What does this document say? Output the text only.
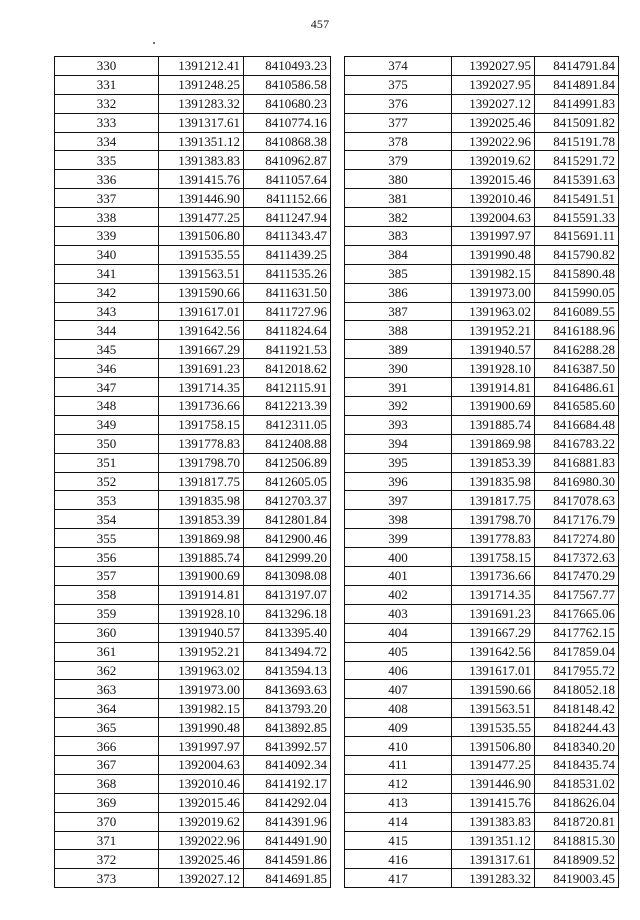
457
330	1391212.41	8410493.23
331	1391248.25	8410586.58
332	1391283.32	8410680.23
333	1391317.61	8410774.16
334	1391351.12	8410868.38
335	1391383.83	8410962.87
336	1391415.76	8411057.64
337	1391446.90	8411152.66
338	1391477.25	8411247.94
339	1391506.80	8411343.47
340	1391535.55	8411439.25
341	1391563.51	8411535.26
342	1391590.66	8411631.50
343	1391617.01	8411727.96
344	1391642.56	8411824.64
345	1391667.29	8411921.53
346	1391691.23	8412018.62
347	1391714.35	8412115.91
348	1391736.66	8412213.39
349	1391758.15	8412311.05
350	1391778.83	8412408.88
351	1391798.70	8412506.89
352	1391817.75	8412605.05
353	1391835.98	8412703.37
354	1391853.39	8412801.84
355	1391869.98	8412900.46
356	1391885.74	8412999.20
357	1391900.69	8413098.08
358	1391914.81	8413197.07
359	1391928.10	8413296.18
360	1391940.57	8413395.40
361	1391952.21	8413494.72
362	1391963.02	8413594.13
363	1391973.00	8413693.63
364	1391982.15	8413793.20
365	1391990.48	8413892.85
366	1391997.97	8413992.57
367	1392004.63	8414092.34
368	1392010.46	8414192.17
369	1392015.46	8414292.04
370	1392019.62	8414391.96
371	1392022.96	8414491.90
372	1392025.46	8414591.86
373	1392027.12	8414691.85
374	1392027.95	8414791.84
375	1392027.95	8414891.84
376	1392027.12	8414991.83
377	1392025.46	8415091.82
378	1392022.96	8415191.78
379	1392019.62	8415291.72
380	1392015.46	8415391.63
381	1392010.46	8415491.51
382	1392004.63	8415591.33
383	1391997.97	8415691.11
384	1391990.48	8415790.82
385	1391982.15	8415890.48
386	1391973.00	8415990.05
387	1391963.02	8416089.55
388	1391952.21	8416188.96
389	1391940.57	8416288.28
390	1391928.10	8416387.50
391	1391914.81	8416486.61
392	1391900.69	8416585.60
393	1391885.74	8416684.48
394	1391869.98	8416783.22
395	1391853.39	8416881.83
396	1391835.98	8416980.30
397	1391817.75	8417078.63
398	1391798.70	8417176.79
399	1391778.83	8417274.80
400	1391758.15	8417372.63
401	1391736.66	8417470.29
402	1391714.35	8417567.77
403	1391691.23	8417665.06
404	1391667.29	8417762.15
405	1391642.56	8417859.04
406	1391617.01	8417955.72
407	1391590.66	8418052.18
408	1391563.51	8418148.42
409	1391535.55	8418244.43
410	1391506.80	8418340.20
411	1391477.25	8418435.74
412	1391446.90	8418531.02
413	1391415.76	8418626.04
414	1391383.83	8418720.81
415	1391351.12	8418815.30
416	1391317.61	8418909.52
417	1391283.32	8419003.45
